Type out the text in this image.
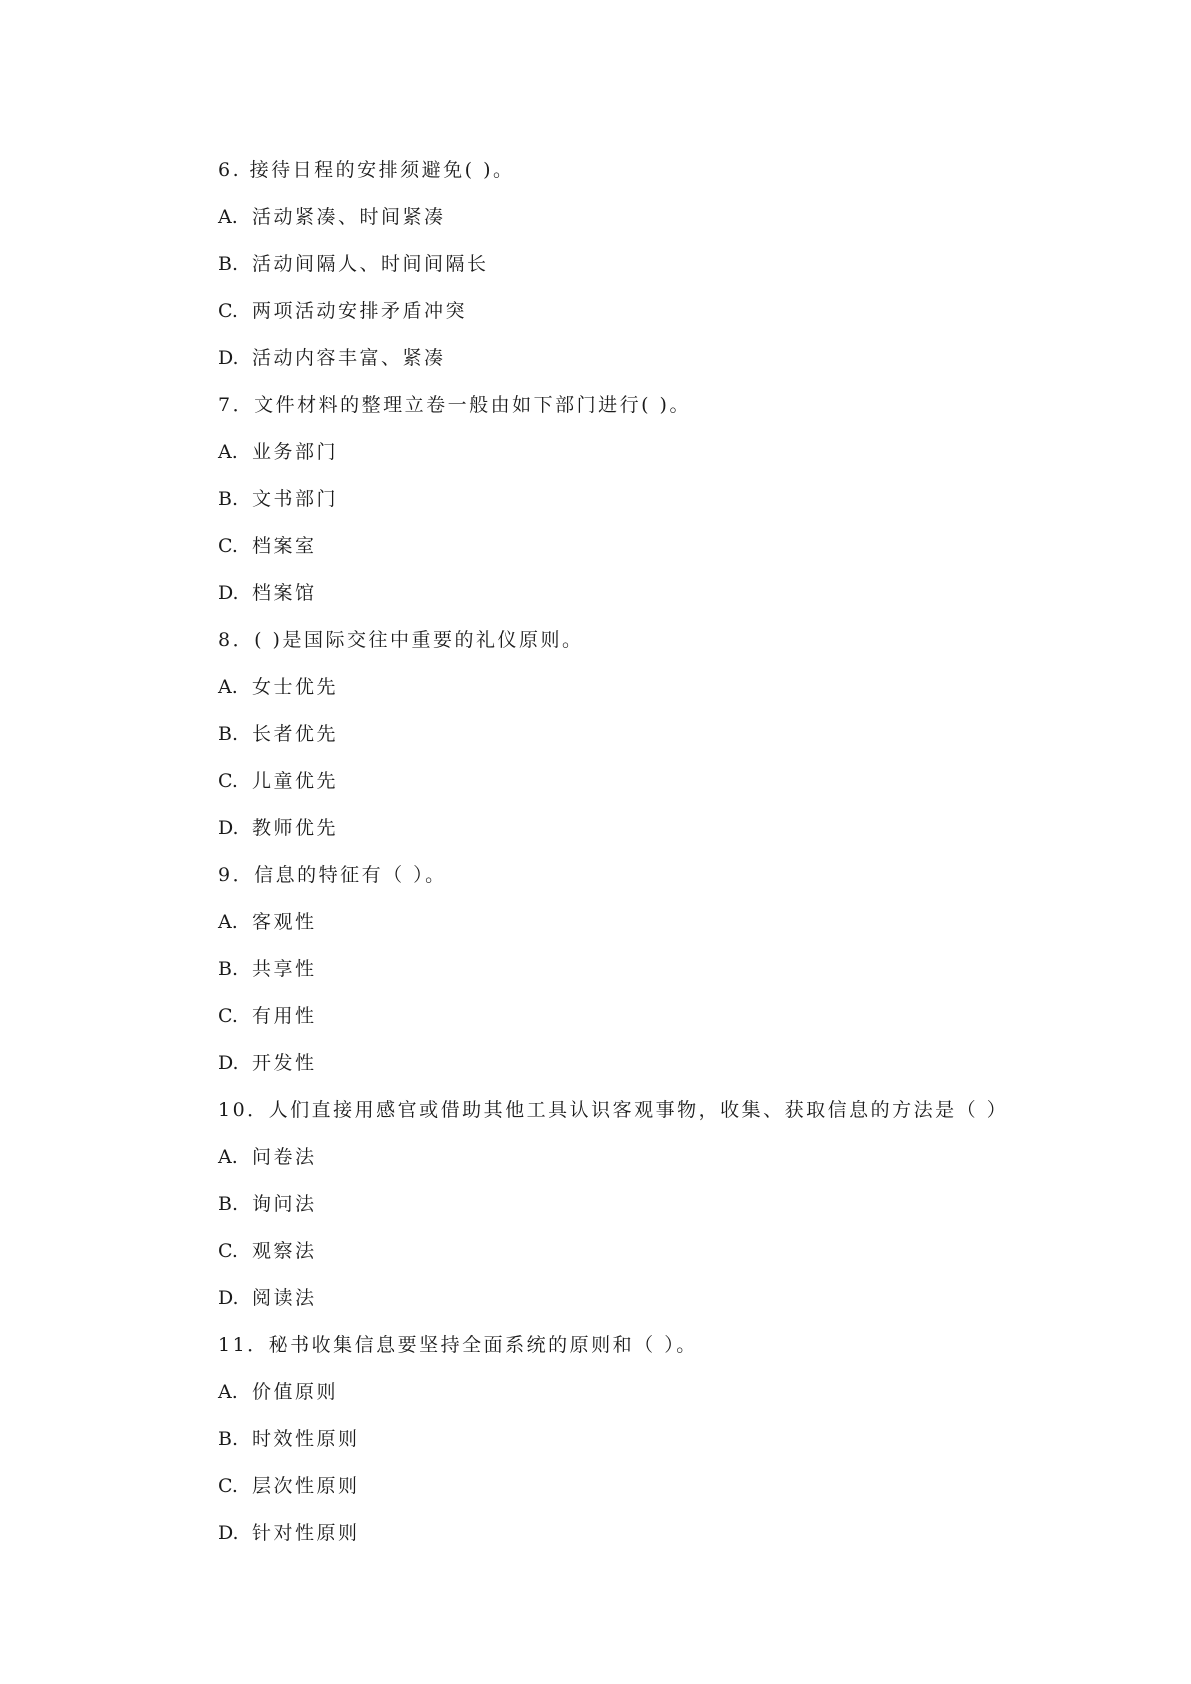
6. 接待日程的安排须避免( )。
A. 活动紧凑、时间紧凑
B. 活动间隔人、时间间隔长
C. 两项活动安排矛盾冲突
D. 活动内容丰富、紧凑
7．文件材料的整理立卷一般由如下部门进行( )。
A. 业务部门
B. 文书部门
C. 档案室
D. 档案馆
8．( )是国际交往中重要的礼仪原则。
A. 女士优先
B. 长者优先
C. 儿童优先
D. 教师优先
9．信息的特征有（ ）。
A. 客观性
B. 共享性
C. 有用性
D. 开发性
10．人们直接用感官或借助其他工具认识客观事物，收集、获取信息的方法是（ ）
A. 问卷法
B. 询问法
C. 观察法
D. 阅读法
11．秘书收集信息要坚持全面系统的原则和（ ）。
A. 价值原则
B. 时效性原则
C. 层次性原则
D. 针对性原则
